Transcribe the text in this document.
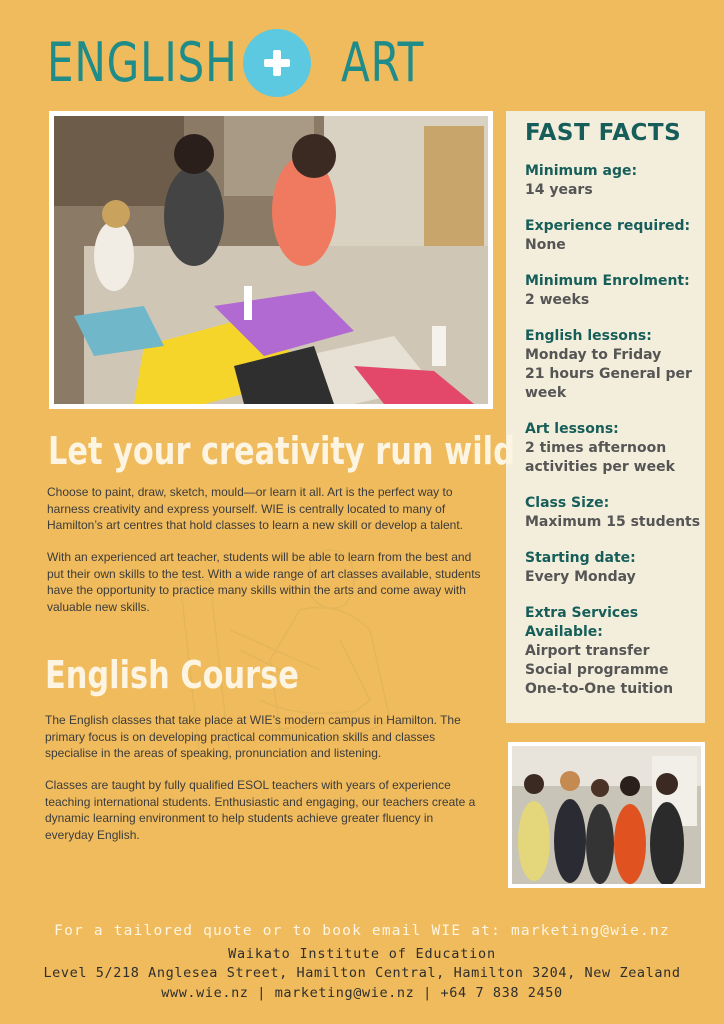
ENGLISH ART
FAST FACTS
Minimum age:
14 years
Experience required:
None
Minimum Enrolment:
2 weeks
English lessons:
Monday to Friday
21 hours General per week
Art lessons:
2 times afternoon activities per week
Class Size:
Maximum 15 students
Starting date:
Every Monday
Extra Services Available:
Airport transfer
Social programme
One-to-One tuition
Let your creativity run wild
Choose to paint, draw, sketch, mould—or learn it all. Art is the perfect way to harness creativity and express yourself. WIE is centrally located to many of Hamilton’s art centres that hold classes to learn a new skill or develop a talent.
With an experienced art teacher, students will be able to learn from the best and put their own skills to the test. With a wide range of art classes available, students have the opportunity to practice many skills within the arts and come away with valuable new skills.
English Course
The English classes that take place at WIE’s modern campus in Hamilton. The primary focus is on developing practical communication skills and classes specialise in the areas of speaking, pronunciation and listening.
Classes are taught by fully qualified ESOL teachers with years of experience teaching international students. Enthusiastic and engaging, our teachers create a dynamic learning environment to help students achieve greater fluency in everyday English.
For a tailored quote or to book email WIE at: marketing@wie.nz
Waikato Institute of Education
Level 5/218 Anglesea Street, Hamilton Central, Hamilton 3204, New Zealand
www.wie.nz | marketing@wie.nz | +64 7 838 2450
